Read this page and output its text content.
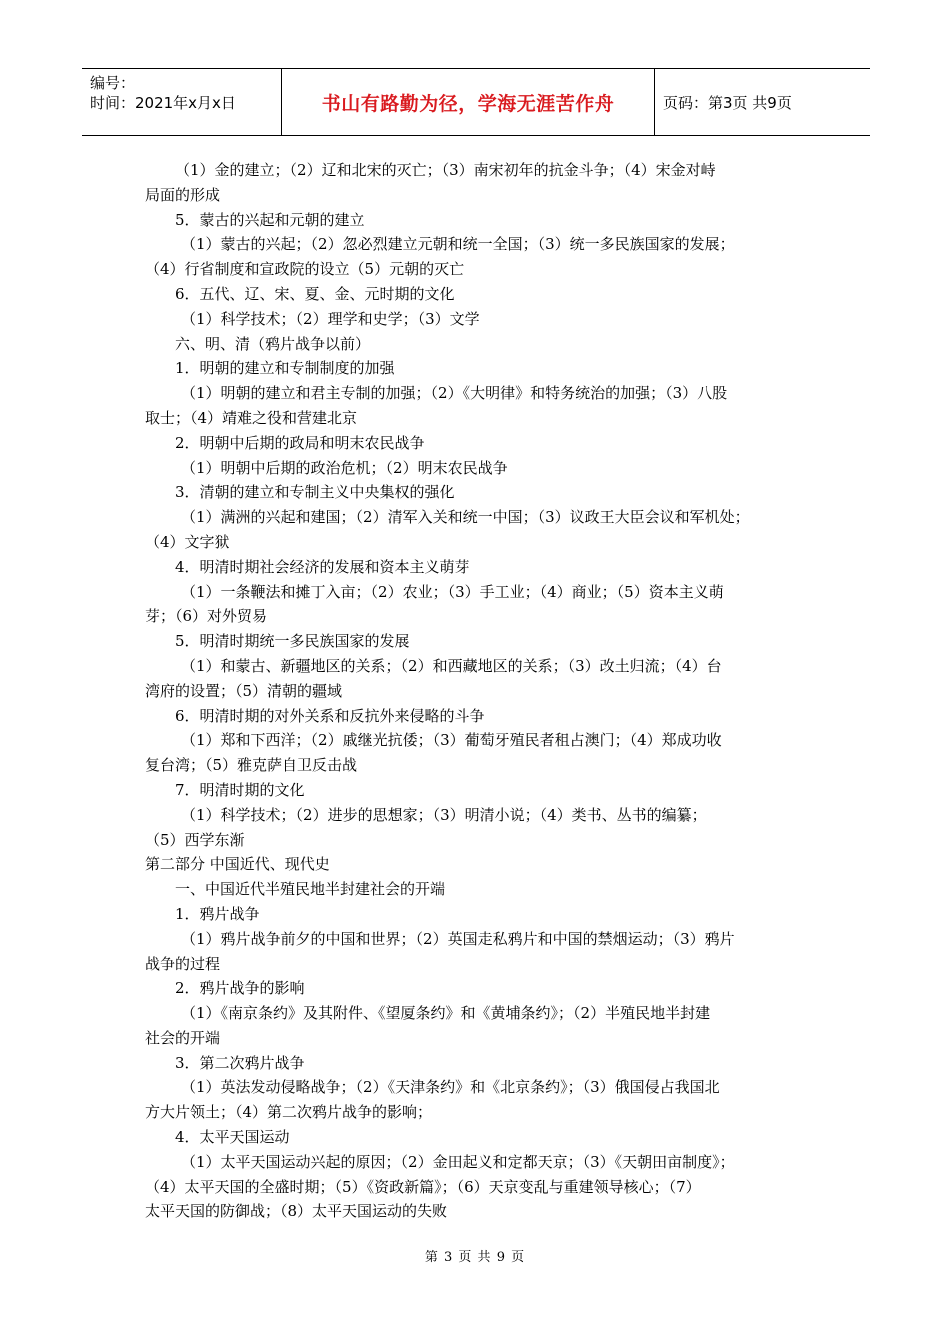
编号：
时间：2021年x月x日	书山有路勤为径，学海无涯苦作舟	页码：第3页 共9页
（1）金的建立；（2）辽和北宋的灭亡；（3）南宋初年的抗金斗争；（4）宋金对峙
局面的形成
5．蒙古的兴起和元朝的建立
（1）蒙古的兴起；（2）忽必烈建立元朝和统一全国；（3）统一多民族国家的发展；
（4）行省制度和宣政院的设立（5）元朝的灭亡
6．五代、辽、宋、夏、金、元时期的文化
（1）科学技术；（2）理学和史学；（3）文学
六、明、清（鸦片战争以前）
1．明朝的建立和专制制度的加强
（1）明朝的建立和君主专制的加强；（2）《大明律》和特务统治的加强；（3）八股
取士；（4）靖难之役和营建北京
2．明朝中后期的政局和明末农民战争
（1）明朝中后期的政治危机；（2）明末农民战争
3．清朝的建立和专制主义中央集权的强化
（1）满洲的兴起和建国；（2）清军入关和统一中国；（3）议政王大臣会议和军机处；
（4）文字狱
4．明清时期社会经济的发展和资本主义萌芽
（1）一条鞭法和摊丁入亩；（2）农业；（3）手工业；（4）商业；（5）资本主义萌
芽；（6）对外贸易
5．明清时期统一多民族国家的发展
（1）和蒙古、新疆地区的关系；（2）和西藏地区的关系；（3）改土归流；（4）台
湾府的设置；（5）清朝的疆域
6．明清时期的对外关系和反抗外来侵略的斗争
（1）郑和下西洋；（2）戚继光抗倭；（3）葡萄牙殖民者租占澳门；（4）郑成功收
复台湾；（5）雅克萨自卫反击战
7．明清时期的文化
（1）科学技术；（2）进步的思想家；（3）明清小说；（4）类书、丛书的编纂；
（5）西学东渐
第二部分 中国近代、现代史
一、中国近代半殖民地半封建社会的开端
1．鸦片战争
（1）鸦片战争前夕的中国和世界；（2）英国走私鸦片和中国的禁烟运动；（3）鸦片
战争的过程
2．鸦片战争的影响
（1）《南京条约》及其附件、《望厦条约》和《黄埔条约》；（2）半殖民地半封建
社会的开端
3．第二次鸦片战争
（1）英法发动侵略战争；（2）《天津条约》和《北京条约》；（3）俄国侵占我国北
方大片领土；（4）第二次鸦片战争的影响；
4．太平天国运动
（1）太平天国运动兴起的原因；（2）金田起义和定都天京；（3）《天朝田亩制度》；
（4）太平天国的全盛时期；（5）《资政新篇》；（6）天京变乱与重建领导核心；（7）
太平天国的防御战；（8）太平天国运动的失败
第 3 页 共 9 页
